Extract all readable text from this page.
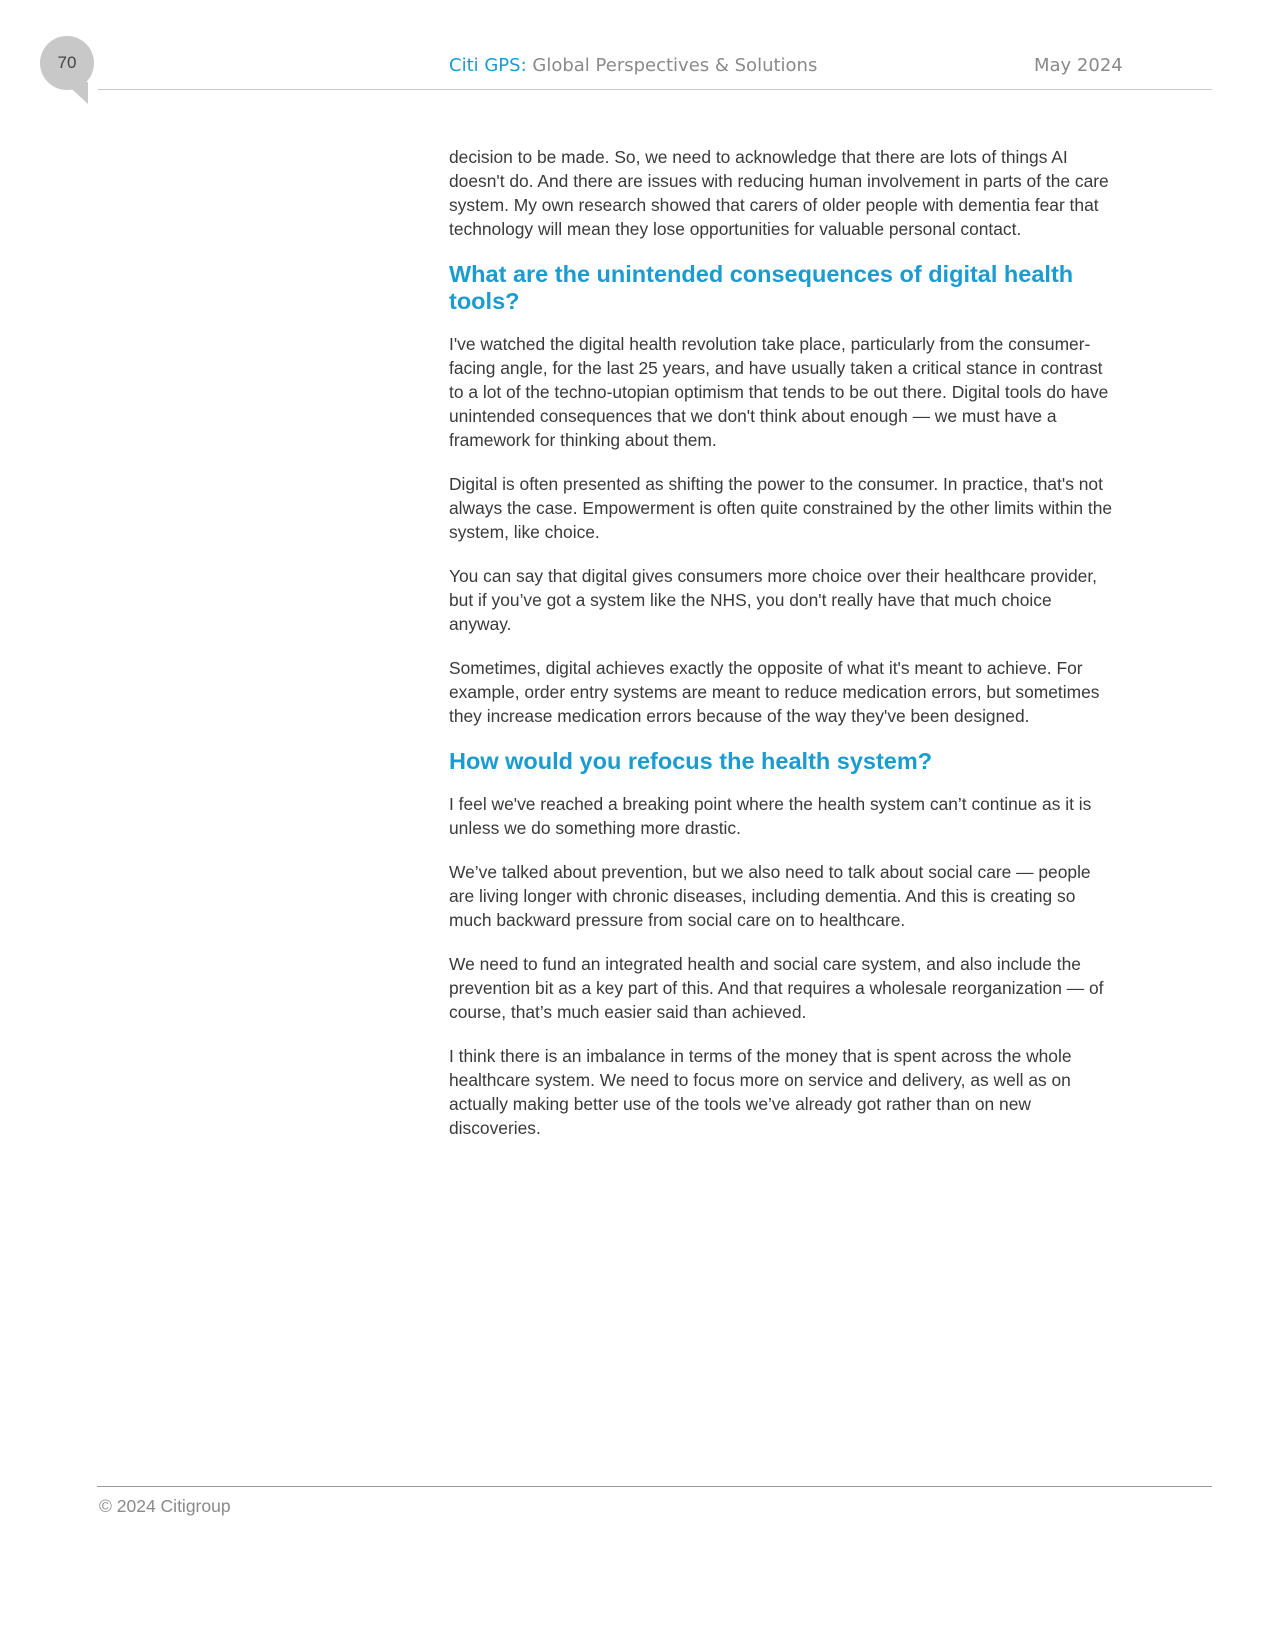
70	Citi GPS: Global Perspectives & Solutions	May 2024

decision to be made. So, we need to acknowledge that there are lots of things AI doesn't do. And there are issues with reducing human involvement in parts of the care system. My own research showed that carers of older people with dementia fear that technology will mean they lose opportunities for valuable personal contact.

What are the unintended consequences of digital health tools?

I've watched the digital health revolution take place, particularly from the consumer-facing angle, for the last 25 years, and have usually taken a critical stance in contrast to a lot of the techno-utopian optimism that tends to be out there. Digital tools do have unintended consequences that we don't think about enough — we must have a framework for thinking about them.

Digital is often presented as shifting the power to the consumer. In practice, that's not always the case. Empowerment is often quite constrained by the other limits within the system, like choice.

You can say that digital gives consumers more choice over their healthcare provider, but if you’ve got a system like the NHS, you don't really have that much choice anyway.

Sometimes, digital achieves exactly the opposite of what it's meant to achieve. For example, order entry systems are meant to reduce medication errors, but sometimes they increase medication errors because of the way they've been designed.

How would you refocus the health system?

I feel we've reached a breaking point where the health system can’t continue as it is unless we do something more drastic.

We’ve talked about prevention, but we also need to talk about social care — people are living longer with chronic diseases, including dementia. And this is creating so much backward pressure from social care on to healthcare.

We need to fund an integrated health and social care system, and also include the prevention bit as a key part of this. And that requires a wholesale reorganization — of course, that’s much easier said than achieved.

I think there is an imbalance in terms of the money that is spent across the whole healthcare system. We need to focus more on service and delivery, as well as on actually making better use of the tools we’ve already got rather than on new discoveries.

© 2024 Citigroup
